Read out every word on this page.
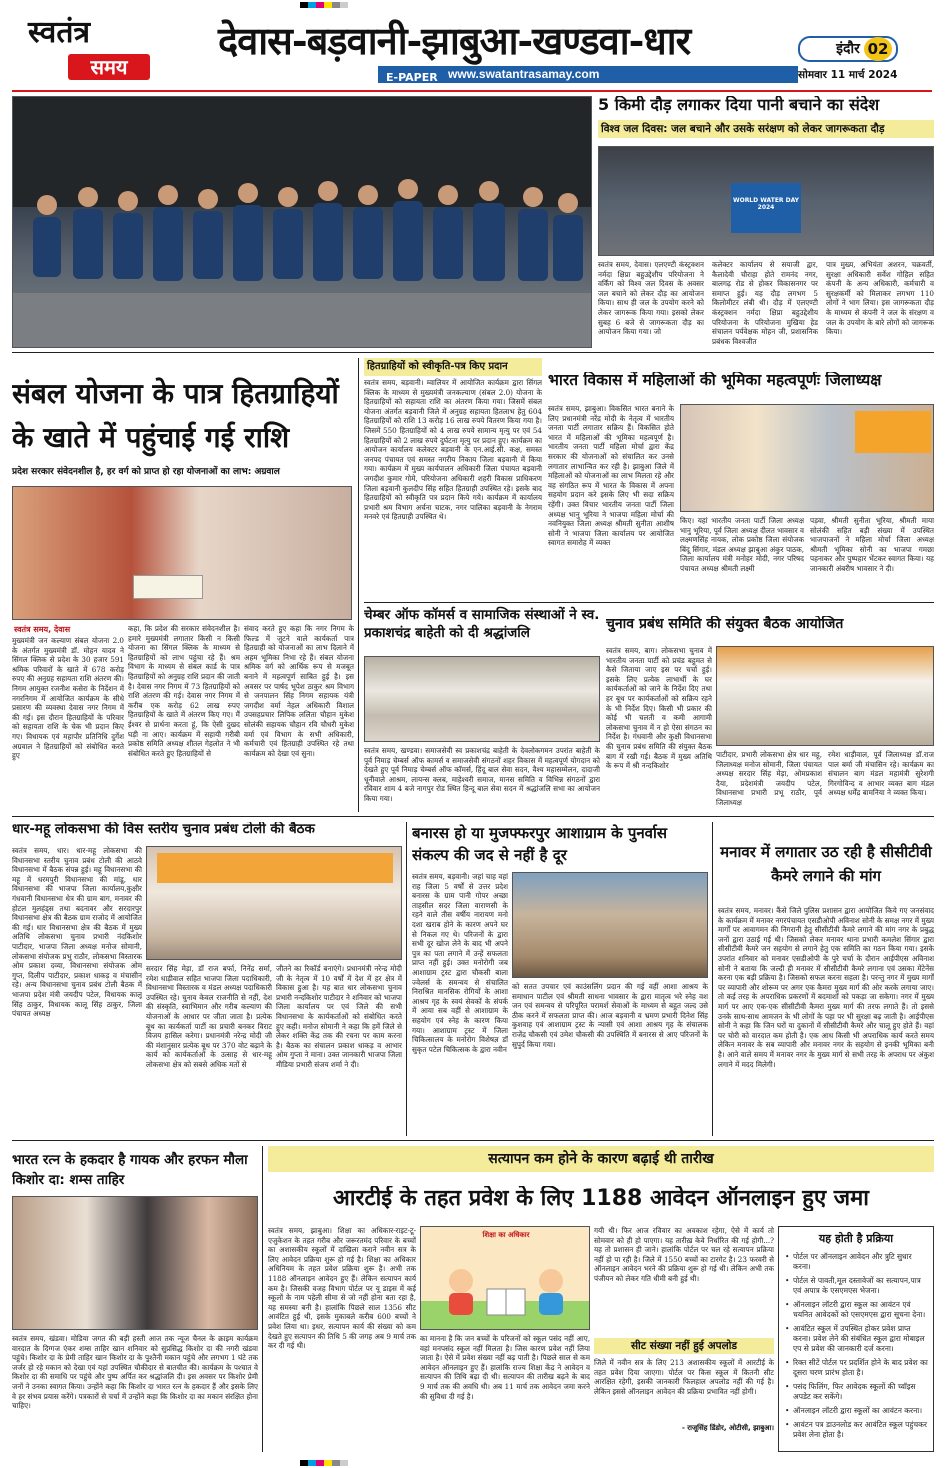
स्वतंत्र
समय
देवास-बड़वानी-झाबुआ-खण्डवा-धार
E-PAPER www.swatantrasamay.com
इंदौर 02
सोमवार 11 मार्च 2024
5 किमी दौड़ लगाकर दिया पानी बचाने का संदेश
विश्व जल दिवस: जल बचाने और उसके सरंक्षण को लेकर जागरूकता दौड़
WORLD WATER DAY 2024
स्वतंत्र समय, देवास। एलएण्टी कंस्ट्रक्शन नर्मदा क्षिप्रा बहुउद्देशीय परियोजना ने वर्किंग को विश्व जल दिवस के अवसर जल बचाने को लेकर दौड़ का आयोजन किया। साथ ही जल के उपयोग करने को लेकर जागरूक किया गया। इसको लेकर सुबह 6 बजे से जागरूकता दौड़ का आयोजन किया गया। जो
कलेक्टर कार्यालय से सयाजी द्वार, कैलादेवी चौराहा होते रामनंद नगर, बालगढ़ रोड से होकर विकासनगर पर समाप्त हुई। यह दौड़ लगभग 5 किलोमीटर लंबी थी। दौड़ में एलएण्टी कंस्ट्रक्शन नर्मदा क्षिप्रा बहुउद्देशीय परियोजना के परियोजना मुखिया हेड संचालन पर्यवेक्षक मोहन जी, प्रशासनिक प्रबंधक विश्वजीत
पात्र मुख्य, अभियंता अशरन, चक्रवर्ती, सुरक्षा अधिकारी सर्वेश गोहिल सहित कंपनी के अन्य अधिकारी, कर्मचारी व सुरक्षकर्मी को मिलाकर लगभग 110 लोगों ने भाग लिया। इस जागरूकता दौड़ के माध्यम से कंपनी ने जल के संरक्षण व जल के उपयोग के बारे लोगों को जागरूक किया।
संबल योजना के पात्र हितग्राहियों के खाते में पहुंचाई गई राशि
प्रदेश सरकार संवेदनशील है, हर वर्ग को प्राप्त हो रहा योजनाओं का लाभ: अग्रवाल
स्वतंत्र समय, देवास
मुख्यमंत्री जन कल्याण संबल योजना 2.0 के अंतर्गत मुख्यमंत्री डॉ. मोहन यादव ने सिंगल क्लिक से प्रदेश के 30 हजार 591 श्रमिक परिवारों के खाते में 678 करोड़ रुपए की अनुग्रह सहायता राशि अंतरण की। निगम आयुक्त रजनीश कसेरा के निर्देशन में नगरनिगम में आयोजित कार्यक्रम के सीधे प्रसारण की व्यवस्था देवास नगर निगम में की गई। इस दौरान हितग्राहियों के परिवार को सहायता राशि के चेक भी प्रदान किए गए। विधायक एवं महापौर प्रतिनिधि दुर्गेश अग्रवाल ने हितग्राहियों को संबोधित करते हुए
कहा, कि प्रदेश की सरकार संवेदनशील है। हमारे मुख्यमंत्री लगातार किसी न किसी योजना का सिंगल क्लिक के माध्यम से हितग्राहियों को लाभ पहुंचा रहे हैं। श्रम विभाग के माध्यम से संबल कार्ड के पात्र हितग्राहियों को अनुग्रह राशि प्रदान की जाती है। देवास नगर निगम में 73 हितग्राहियों को राशि अंतरण की गई। देवास नगर निगम में करीब एक करोड़ 62 लाख रुपए हितग्राहियों के खाते में अंतरण किए गए। मैं ईश्वर से प्रार्थना करता हूं, कि ऐसी दुखद घड़ी ना आए। कार्यक्रम में सहायी गरीबी प्रकोष्ठ समिति अध्यक्ष शीतल गेहलोत ने भी संबोधित करते हुए हितग्राहियों से
संवाद करते हुए कहा कि नगर निगम के फिल्ड में जुटने वाले कार्यकर्ता पात्र हितग्राही को योजनाओं का लाभ दिलाने में अहम भूमिका निभा रहे हैं। संबल योजना श्रमिक वर्ग को आर्थिक रूप से मजबूत बनाने में महत्वपूर्ण साबित हुई है। इस अवसर पर पार्षद भूपेश ठाकुर श्रम विभाग से जनपालन सिंह निगम सहायक यंत्री जगदीश वर्मा नेहल अधिकारी विशाल उपसहप्रचार लिपिक ललिता चौहान मुकेश सोलंकी सहायक चौहान रवि चौधरी मुकेश वर्मा एवं विभाग के सभी अधिकारी, कर्मचारी एवं हितग्राही उपस्थित रहे तथा कार्यक्रम को देखा एवं सुना।
हितग्राहियों को स्वीकृति-पत्र किए प्रदान
स्वतंत्र समय, बड़वानी। म्वालियर में आयोजित कार्यक्रम द्वारा सिंगल क्लिक के माध्यम से मुख्यमंत्री जनकल्याण (संबल 2.0) योजना के हितग्राहियों को सहायता राशि का अंतरण किया गया। जिसमें संबल योजना अंतर्गत बड़वानी जिले में अनुग्रह सहायता हितलाभ हेतु 604 हितग्राहियों को राशि 13 करोड़ 16 लाख रुपये वितरण किया गया है। जिसमें 550 हितग्राहियों को 4 लाख रुपये सामान्य मृत्यु पर एवं 54 हितग्राहियों को 2 लाख रुपये दुर्घटना मृत्यु पर प्रदान हुए। कार्यक्रम का आयोजन कार्यालय कलेक्टर बड़वानी के एन.आई.सी. कक्ष, समस्त जनपद पंचायत एवं समस्त नगरीय निकाय जिला बड़वानी में किया गया। कार्यक्रम में मुख्य कार्यपालन अधिकारी जिला पंचायत बड़वानी जगदीश कुमार गोमे, परियोजना अधिकारी शहरी विकास प्राधिकरण जिला बड़वानी कुलदीप सिंह सहित हितग्राही उपस्थित रहे। इसके बाद हितग्राहियों को स्वीकृति पत्र प्रदान किये गये। कार्यक्रम में कार्यालय प्रभारी श्रम विभाग अर्चना चाटक, नगर पालिका बड़वानी के नेगराम मनवरे एवं हितग्राही उपस्थित थे।
भारत विकास में महिलाओं की भूमिका महत्वपूर्णः जिलाध्यक्ष
स्वतंत्र समय, झाबुआ। विकसित भारत बनाने के लिए प्रधानमंत्री नरेंद्र मोदी के नेतृत्व में भारतीय जनता पार्टी लगातार सक्रिय हैं। विकसित होते भारत में महिलाओं की भूमिका महत्वपूर्ण है। भारतीय जनता पार्टी महिला मोर्चा द्वारा केंद्र सरकार की योजनाओं को संचालित कर उनसे लगातार लाभान्वित कर रही है। झाबुआ जिले में महिलाओं को योजनाओं का लाभ मिलता रहे और वह संगठित रूप में भारत के विकास में अपना सहयोग प्रदान करे इसके लिए भी सदा सक्रिय रहेंगी। उक्त विचार भारतीय जनता पार्टी जिला अध्यक्ष भानु भूरिया ने भाजपा महिला मोर्चा की नवनियुक्त जिला अध्यक्ष श्रीमती सुनीता आशीष सोनी ने भाजपा जिला कार्यालय पर आयोजित स्वागत समारोह में व्यक्त
किए। यहां भारतीय जनता पार्टी जिला अध्यक्ष भानु भूरिया, पूर्व जिला अध्यक्ष दीलत भावसार व लक्ष्मणसिंह नायक, लोक प्रकोष्ठ जिला संयोजक बिंदू सिंगार, मंडल अध्यक्ष झाबुआ अंकुर पाठक, जिला कार्यालय मंत्री मनोहर मोदी, नगर परिषद पंचायत अध्यक्ष श्रीमती लक्ष्मी
पड़वा, श्रीमती सुनीता भूरिया, श्रीमती माया सोलंकी सहित बड़ी संख्या में उपस्थित भाजपाजनों ने महिला मोर्चा जिला अध्यक्ष श्रीमती भूमिका सोनी का भाजपा गमछा पहनाकर और पुष्पहार भेंटकर स्वागत किया। यह जानकारी अंबरीष भावसार ने दी।
चेम्बर ऑफ कॉमर्स व सामाजिक संस्थाओं ने स्व. प्रकाशचंद्र बाहेती को दी श्रद्धांजलि
स्वतंत्र समय, खण्डवा। समाजसेवी स्व प्रकाशचंद्र बाहेती के देवलोकगमन उपरांत बाहेती के पूर्व निमाड़ चेम्बर्स ऑफ कामर्स व समाजसेवी संगठनों शहर विकास में महत्वपूर्ण योगदान को देखते हुए पूर्व निमाड़ चेम्बर्स ऑफ कॉमर्स, हिंदू बाल सेवा सदन, वैश्य महासम्मेलन, दादाजी धूनीवाले आश्रम, लायन्स क्लब, माहेश्वरी समाज, मानस समिति व विभिन्न संगठनों द्वारा रविवार शाम 4 बजे नागपुर रोड स्थित हिन्दू बाल सेवा सदन में श्रद्धांजलि सभा का आयोजन किया गया।
चुनाव प्रबंध समिति की संयुक्त बैठक आयोजित
स्वतंत्र समय, बाग। लोकसभा चुनाव में भारतीय जनता पार्टी को प्रचंड बहुमत से कैसे जिताया जाए इस पर चर्चा हुई। इसके लिए प्रत्येक लाभार्थी के घर कार्यकर्ताओं को जाने के निर्देश दिए तथा हर बूथ पर कार्यकर्ताओं को सक्रिय रहने के भी निर्देश दिए। किसी भी प्रकार की कोई भी चलती व कमी आगामी लोकसभा चुनाव में न हो ऐसा संगठन का निर्देश है। गंधवानी और कुक्षी विधानसभा की चुनाव प्रबंध समिति की संयुक्त बैठक बाग में रखी गई। बैठक में मुख्य अतिथि के रूप में श्री नन्दकिशोर
पाटीदार, प्रभारी लोकसभा क्षेत्र धार महू, जिलाध्यक्ष मनोज सोमानी, जिला पंचायत अध्यक्ष सरदार सिंह मेड़ा, ओमप्रकाश दैया, प्रदेशमंत्री जयदीप पटेल, विधानसभा प्रभारी प्रभू राठौर, पूर्व जिलाध्यक्ष
रमेश धाड़ीवाल, पूर्व जिलाध्यक्ष डॉ.राज पाल बर्मा जी मंचासिन रहे। कार्यक्रम का संचालन बाग मंडल महामंत्री सुरेशगी गिरगोविन्द व आभार व्यक्त बाग मंडल अध्यक्ष धर्मेंद्र बामनिया ने व्यक्त किया।
धार-महू लोकसभा की विस स्तरीय चुनाव प्रबंध टोली की बैठक
स्वतंत्र समय, धार। धार-महू लोकसभा की विधानसभा स्तरीय चुनाव प्रबंध टोली की आठवे विधानसभा में बैठक संपन्न हुई। महू विधानसभा की महू में धरमपुरी विधानसभा की मांडू, धार विधानसभा की भाजपा जिला कार्यालय,कुक्षीर गंधवानी विधानसभा धेत्र की ग्राम बाग, मनावर की होटल मुलहंड्स तथा बदनावर और सरदारपुर विधानसभा क्षेत्र की बैठक ग्राम राजोद में आयोजित की गई। धार विधानसभा क्षेत्र की बैठक में मुख्य अतिथि लोकसभा चुनाव प्रभारी नंदकिशोर पाटीदार, भाजपा जिला अध्यक्ष मनोज सोमानी, लोकसभा संयोजक प्रभु राठौर, लोकसभा विस्तारक ओम प्रकाश दव्या, विधानसभा संयोजक ओम गुप्त, दिलीप पाटीदार, प्रकाश धाकड़ व मंचासीन रहे। अन्य विधानसभा चुनाव प्रबंध टोली बैठक में भाजपा प्रदेश मंत्री जयदीप पटेल, विधायक कालू सिंह ठाकुर, विधायक कालू सिंह ठाकुर, जिला पंचायत अध्यक्ष
सरदार सिंह मेड़ा, डॉ राज बर्फा, निनेंद्र सर्मा, रमेश धाड़ीवाल सहित भाजपा जिला पदाधिकारी, विधानसभा विस्तारक व मंडल अध्यक्ष पदाधिकारी उपस्थित रहे। चुनाव केवल राजनीति से नहीं, देश की संस्कृति, स्वाभिमान और गरीब कल्याण की योजनाओं के आधार पर जीता जाता है। प्रत्येक बूथ का कार्यकर्ता पार्टी का प्रचारी बनकर विराट विजय हासिल करेगा। प्रधानमंत्री नरेन्द्र मोदी जी की मंशानुसार प्रत्येक बूथ पर 370 वोट बढ़ाने के कार्य को कार्यकर्ताओं के उत्साह से धार-महू लोकसभा क्षेत्र को सबसे अधिक मतों से
जीतने का रिकॉर्ड बनाएंगे। प्रधानमंत्री नरेन्द्र मोदी जी के नेतृत्व में 10 वर्षों में देश में हर क्षेत्र में विकास हुआ है। यह बात धार लोकसभा चुनाव प्रभारी नन्दकिशोर पाटीदार ने शनिवार को भाजपा जिला कार्यालय पर एवं जिले की सभी विधानसभा के कार्यकर्ताओं को संबोधित करते हुए कही। मनोज सोमानी ने कहा कि हमें जिले से लेकर शक्ति केंद्र तक की रचना पर काम करना है। बैठक का संचालन प्रकाश धाकड़ व आभार ओम गुप्ता ने माना। उक्त जानकारी भाजपा जिला मीडिया प्रभारी संजय शर्मा ने दी।
बनारस हो या मुजफ्फरपुर आशाग्राम के पुनर्वास संकल्प की जद से नहीं है दूर
स्वतंत्र समय, बड़वानी। जहां चाह वहां राह जिला 5 वर्षों से उत्तर प्रदेश बनारस के ग्राम पानी गोपर अच्छा ताहसील सदर जिला वाराणसी के रहने वाले तीस वर्षीय नारायण मनो दशा खराब होने के कारण अपने घर से निकल गए थे। परिजनों के द्वारा सभी दूर खोज लेने के बाद भी अपने पुत्र का पता लगाने में उन्हें सफलता प्राप्त नहीं हुई। उक्त मनोरोगी जब आशाग्राम ट्रस्ट द्वारा चौकसी बाला ज्वेलर्स के समन्वय से संचालित निराश्रित मानसिक रोगियों के आशा आश्रय गृह के स्वयं सेवकों के संपर्क में आया सब वहीं से आशाग्राम के सहयोग एवं स्नेह के कारण किया गया। आशाग्राम ट्रस्ट में जिला चिकित्सालय के मनोरोग विशेषज्ञ डॉ सुकृत पटेल चिकित्सक के द्वारा नवीन
को सतत उपचार एवं काउंसलिंग प्रदान की गई वहीं आशा आश्रय के समाधान पाटील एवं श्रीमती साधना भावसार के द्वारा मातृत्व भरे स्नेह वश जन एवं समन्वय से परिपूरित परामर्श सेवाओं के माध्यम से बहुत जल्द उसे ठीक करने में सफलता प्राप्त की। आज बड़वानी व भ्रमण प्रभारी दिनेश सिंह कुशवाह एवं आशाग्राम ट्रस्ट के न्यासी एवं आशा आश्रय गृह के संचालक राजेंद्र चौकसी एवं उमेश चौकसी की उपस्थिति में बनारस से आए परिजनों के सुपुर्द किया गया।
मनावर में लगातार उठ रही है सीसीटीवी कैमरे लगाने की मांग
स्वतंत्र समय, मनावर। कैंसे जिले पुलिस प्रशासन द्वारा आयोजित किये गए जनसंवाद के कार्यक्रम में मनावर नगरपंचायत एसडीओपी अविनाश सोनी के समक्ष नगर में मुख्य मार्गों पर आवागमन की निगरानी हेतु सीसीटीवी कैमरे लगाने की मांग नगर के प्रबुद्ध जनों द्वारा उठाई गई थी। जिसको लेकर मनावर थाना प्रभारी कमलेश सिंगार द्वारा सीसीटीवी कैमरे जन सहयोग से लगाने हेतु एक समिति का गठन किया गया। इसके उपरांत शनिवार को मनावर एसडीओपी के पुरे चर्चा के दौरान आईपीएस अविनाश सोनी ने बताया कि जल्दी ही मनावर में सीसीटीवी कैमरे लगाना एवं उसका मेंटेनेंस करना एक बड़ी प्रक्रिया है। जिसको सफल करना सहला है। परन्तु नगर में मुख्य मार्गों पर व्यापारी और शोरूम पर अगर एक कैमरा मुख्य मार्ग की ओर करके लगाया जाए। तो कई तरह के अपराधिक प्रकरणों में बदमाशों को पकड़ा जा सकेगा। नगर में मुख्य मार्ग पर आए एक-एक सीसीटीवी कैमरा मुख्य मार्ग की तरफ लगाते हैं। तो इससे उनके साथ-साथ आमजन के भी लोगों के पहा पर भी सुरक्षा बढ़ जाती है। आईपीएस सोनी ने कहा कि जिन घरों या दुकानों में सीसीटीवी कैमरे और चालू हुए होते हैं। वहां पर चोरी को वारदात कम होती है। एक आध किसी भी अपराधिक कार्य करते समय लेकिन मनावर के सब व्यापारी और मनावर नगर के सहयोग से इनकी भूमिका बनी है। आने वाले समय में मनावर नगर के मुख्य मार्ग से सभी तरह के अपराध पर अंकुश लगाने में मदद मिलेगी।
भारत रत्न के हकदार है गायक और हरफन मौला किशोर दा: शम्स ताहिर
स्वतंत्र समय, खंडवा। मोडिया जगत की बड़ी हस्ती आज तक न्यूज चैनल के क्राइम कार्यक्रम वारदात के दिग्गज एंकर शम्स ताहिर खान शनिवार को सुप्रसिद्ध किशोर दा की नगरी खंडवा पहुंचे। किशोर दा के प्रेमी ताहिर खान किशोर दा के पुश्तैनी मकान पहुंचे और लगभग 1 घंटे तक जर्जर हो रहे मकान को देखा एवं यहां उपस्थित चौकीदार से बातचीत की। कार्यक्रम के पश्चात वे किशोर दा की समाधि पर पहुंचे और पुष्प अर्पित कर श्रद्धांजलि दी। इस अवसर पर किशोर प्रेमी जनों ने उनका स्वागत किया। उन्होंने कहा कि किशोर दा भारत रत्न के हकदार हैं और इसके लिए वे हर संभव प्रयास करेंगे। पत्रकारों से चर्चा में उन्होंने कहा कि किशोर दा का मकान संरक्षित होना चाहिए।
सत्यापन कम होने के कारण बढ़ाई थी तारीख
आरटीई के तहत प्रवेश के लिए 1188 आवेदन ऑनलाइन हुए जमा
स्वतंत्र समय, झाबुआ। शिक्षा का अधिकार-राइट-टू-एजुकेशन के तहत गरीब और जरूरतमंद परिवार के बच्चों का अशासकीय स्कूलों में दाखिला कराने नवीन सत्र के लिए आवेदन प्रक्रिया शुरू हो गई है। शिक्षा का अधिकार अधिनियम के तहत प्रवेश प्रक्रिया शुरू है। अभी तक 1188 ऑनलाइन आवेदन हुए हैं। लेकिन सत्यापन कार्य कम है। जिसकी वजह विभाग पोर्टल पर यू डाइस में कई स्कूलों के नाम पहेली सीमा से जो नहीं होना बता रहा है, यह समस्या बनी है। हालांकि पिछले साल 1356 सीट आवंटित हुई थी, इसके मुकाबले करीब 600 बच्चों ने प्रवेश लिया था। इधर, सत्यापन कार्य की संख्या को कम देखते हुए सत्यापन की तिथि 5 की जगह अब 9 मार्च तक कर दी गई थी।
शिक्षा का अधिकार
का मानना है कि जन बच्चों के परिजनों को स्कूल पसंद नहीं आए, वहां मनपसंद स्कूल नहीं मिलता है। जिस कारण प्रवेश नहीं लिया जाता है। ऐसे में प्रवेश संख्या नहीं बढ़ पाती है। पिछले साल से कम आवेदन ऑनलाइन हुए हैं। हालांकि राज्य शिक्षा केंद्र ने आवेदन व सत्यापन की तिथि बढ़ा दी थी। सत्यापन की तारीख बढ़ने के बाद 9 मार्च तक की अवधि थी। अब 11 मार्च तक आवेदन जमा करने की सुविधा दी गई है।
गयी थी। फिर आज रविवार का अवकाश रहेगा, ऐसे में कार्य तो सोमवार को ही हो पाएगा। यह तारीख़ केवे निर्धारित की गई होगी...? यह तो प्रशासन ही जाने। हालांकि पोर्टल पर चल रहे सत्यापन प्रक्रिया नहीं हो पा रही है। जिले में 1550 बच्चों का टारगेट है। 23 फरवरी से ऑनलाइन आवेदन भरने की प्रक्रिया शुरू हो गई थी। लेकिन अभी तक पंजीयन को लेकर गति धीमी बनी हुई थी।
सीट संख्या नहीं हुई अपलोड
जिले में नवीन सत्र के लिए 213 अशासकीय स्कूलों में आरटीई के तहत प्रवेश दिया जाएगा। पोर्टल पर किस स्कूल में कितनी सीट आरक्षित रहेगी, इसकी जानकारी फिलहाल अपलोड नहीं की गई है। लेकिन इससे ऑनलाइन आवेदन की प्रक्रिया प्रभावित नहीं होगी।
- राजूसिंह डिंडोर, ओटीसी, झाबुआ।
यह होती है प्रक्रिया
• पोर्टल पर ऑनलाइन आवेदन और त्रुटि सुधार करना।
• पोर्टल से पावती,मूल दस्तावेजों का सत्यापन,पात्र एवं अपात्र के एसएमएस भेजना।
• ऑनलाइन लॉटरी द्वारा स्कूल का आवंटन एवं चयनित आवेदकों को एसएमएस द्वारा सूचना देना।
• आवंटित स्कूल में उपस्थित होकर प्रवेश प्राप्त करना। प्रवेश लेने की संबंधित स्कूल द्वारा मोबाइल एप से प्रवेश की जानकारी दर्ज करना।
• रिक्त सीटें पोर्टल पर प्रदर्शित होने के बाद प्रवेश का दूसरा चरण प्रारंभ होता है।
• पसंद फिलिंग, फिर आवेदक स्कूलों की च्वॉइस अपडेट कर सकेंगे।
• ऑनलाइन लॉटरी द्वारा स्कूलों का आवंटन करना।
• आवंटन पत्र डाउनलोड कर आवंटित स्कूल पहुंचकर प्रवेश लेना होता है।
